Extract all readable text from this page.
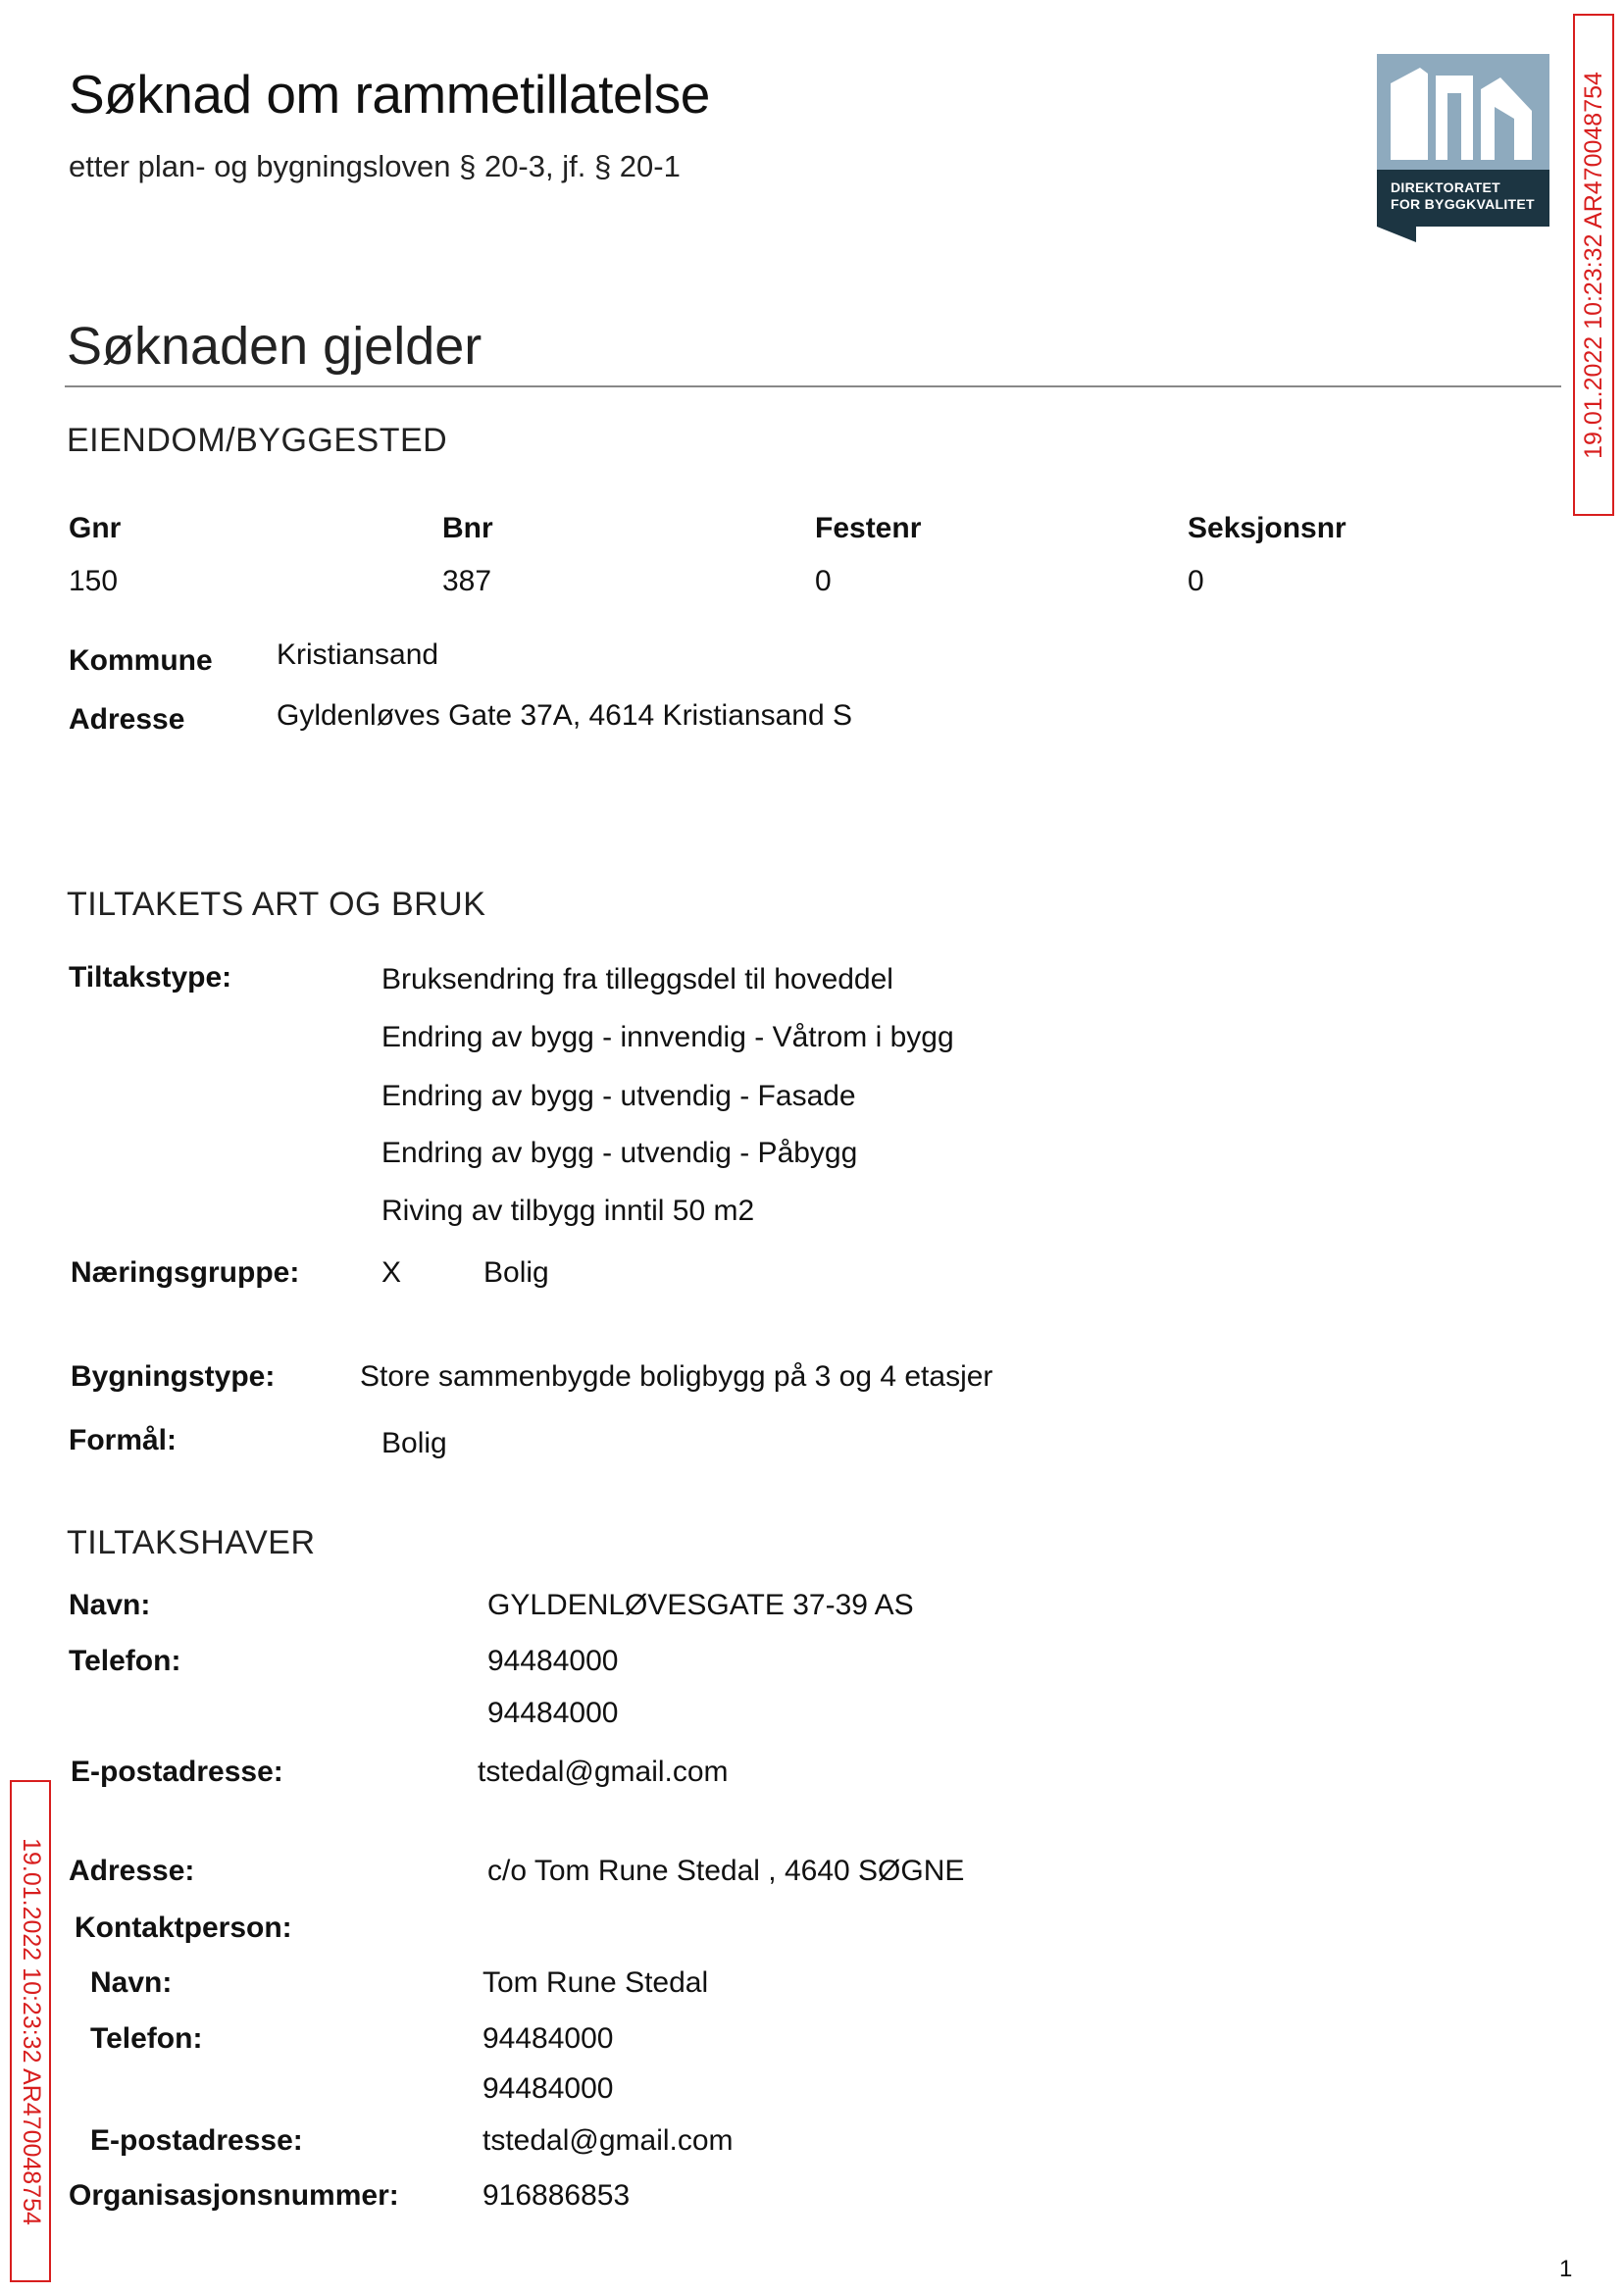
Søknad om rammetillatelse
etter plan- og bygningsloven § 20-3, jf. § 20-1
DIREKTORATET
FOR BYGGKVALITET 19.01.2022 10:23:32 AR470048754
19.01.2022 10:23:32 AR470048754
Søknaden gjelder
EIENDOM/BYGGESTED
Gnr	Bnr	Festenr	Seksjonsnr
150	387	0	0
Kommune Kristiansand
Adresse	Gyldenløves Gate 37A, 4614 Kristiansand S
TILTAKETS ART OG BRUK
Tiltakstype:	Bruksendring fra tilleggsdel til hoveddel
Endring av bygg - innvendig - Våtrom i bygg
Endring av bygg - utvendig - Fasade
Endring av bygg - utvendig - Påbygg
Riving av tilbygg inntil 50 m2
Næringsgruppe:	X	Bolig
Bygningstype:	Store sammenbygde boligbygg på 3 og 4 etasjer
Formål:	Bolig
TILTAKSHAVER
Navn:	GYLDENLØVESGATE 37-39 AS
Telefon:	94484000
94484000
E-postadresse:	tstedal@gmail.com
Adresse:	c/o Tom Rune Stedal , 4640 SØGNE
Kontaktperson:
Navn:	Tom Rune Stedal
Telefon:	94484000
94484000
E-postadresse:	tstedal@gmail.com
Organisasjonsnummer:	916886853
1
